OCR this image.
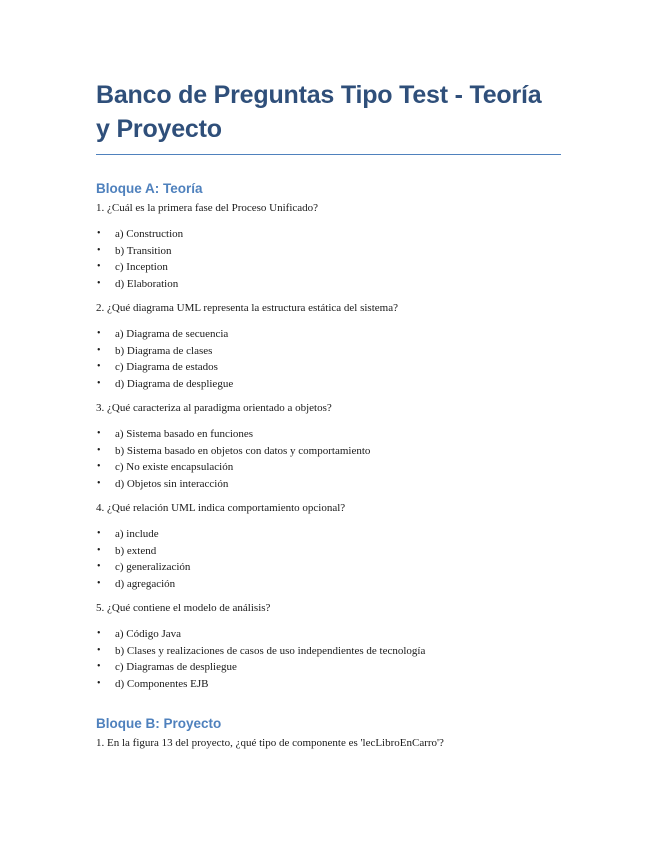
Banco de Preguntas Tipo Test - Teoría y Proyecto
Bloque A: Teoría

1. ¿Cuál es la primera fase del Proceso Unificado?

• a) Construction
• b) Transition
• c) Inception
• d) Elaboration

2. ¿Qué diagrama UML representa la estructura estática del sistema?

• a) Diagrama de secuencia
• b) Diagrama de clases
• c) Diagrama de estados
• d) Diagrama de despliegue

3. ¿Qué caracteriza al paradigma orientado a objetos?

• a) Sistema basado en funciones
• b) Sistema basado en objetos con datos y comportamiento
• c) No existe encapsulación
• d) Objetos sin interacción

4. ¿Qué relación UML indica comportamiento opcional?

• a) include
• b) extend
• c) generalización
• d) agregación

5. ¿Qué contiene el modelo de análisis?

• a) Código Java
• b) Clases y realizaciones de casos de uso independientes de tecnología
• c) Diagramas de despliegue
• d) Componentes EJB
Bloque B: Proyecto

1. En la figura 13 del proyecto, ¿qué tipo de componente es 'lecLibroEnCarro'?
